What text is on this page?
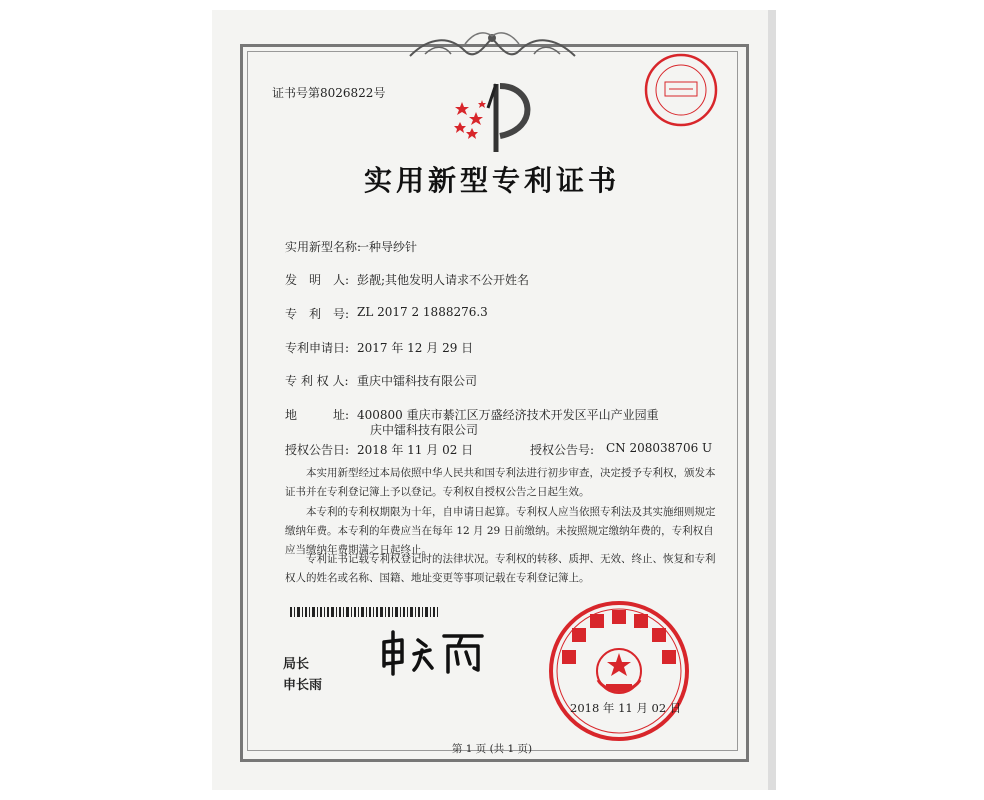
证书号第8026822号
实用新型专利证书
实用新型名称:
一种导纱针
发　明　人: 彭靓;其他发明人请求不公开姓名
专　利　号: ZL 2017 2 1888276.3
专利申请日: 2017 年 12 月 29 日
专 利 权 人: 重庆中镭科技有限公司
地　　　址: 400800 重庆市綦江区万盛经济技术开发区平山产业园重
庆中镭科技有限公司
授权公告日: 2018 年 11 月 02 日	授权公告号: CN 208038706 U
本实用新型经过本局依照中华人民共和国专利法进行初步审查，决定授予专利权，颁发本证书并在专利登记簿上予以登记。专利权自授权公告之日起生效。
本专利的专利权期限为十年，自申请日起算。专利权人应当依照专利法及其实施细则规定缴纳年费。本专利的年费应当在每年 12 月 29 日前缴纳。未按照规定缴纳年费的，专利权自应当缴纳年费期满之日起终止。
专利证书记载专利权登记时的法律状况。专利权的转移、质押、无效、终止、恢复和专利权人的姓名或名称、国籍、地址变更等事项记载在专利登记簿上。
局长
申长雨
2018 年 11 月 02 日
第 1 页 (共 1 页)
